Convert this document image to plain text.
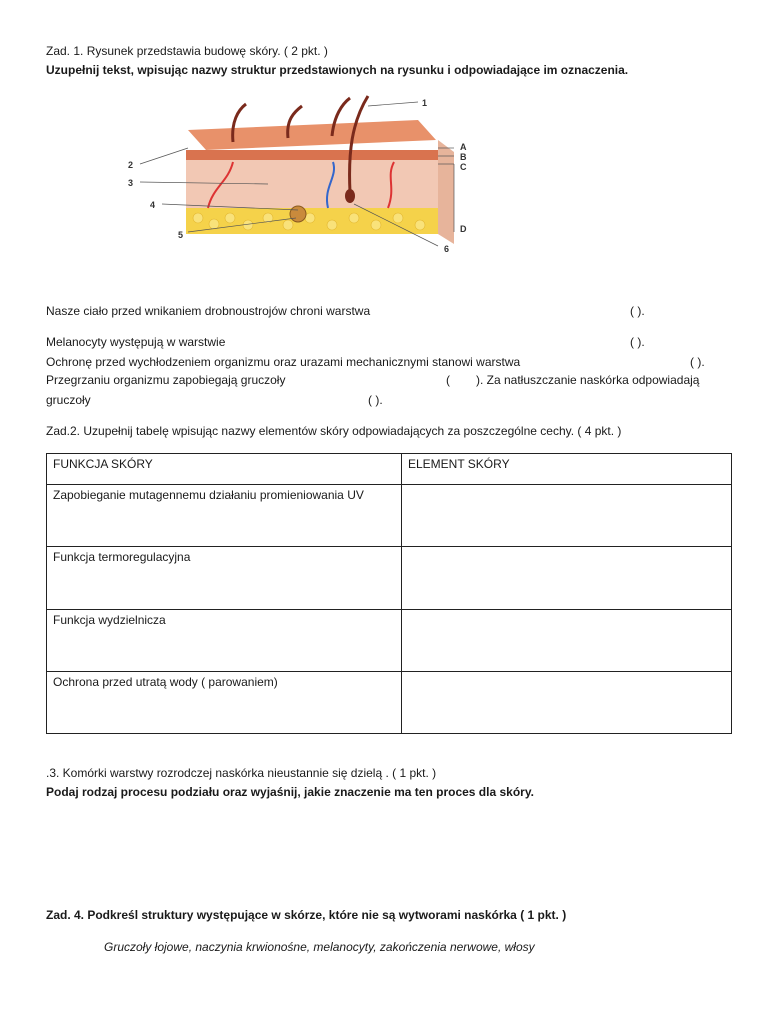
Zad. 1. Rysunek przedstawia budowę skóry. ( 2 pkt. )
Uzupełnij tekst, wpisując nazwy struktur przedstawionych na rysunku i odpowiadające im oznaczenia.
1
2
3
4
5
6
A
B
C
D
Nasze ciało przed wnikaniem drobnoustrojów chroni warstwa	( ).
Melanocyty występują w warstwie	( ).
Ochronę przed wychłodzeniem organizmu oraz urazami mechanicznymi stanowi warstwa	( ).
Przegrzaniu organizmu zapobiegają gruczoły	( ). Za natłuszczanie naskórka odpowiadają
gruczoły	( ).
Zad.2. Uzupełnij tabelę wpisując nazwy elementów skóry odpowiadających za poszczególne cechy. ( 4 pkt. )
FUNKCJA SKÓRY	ELEMENT SKÓRY
Zapobieganie mutagennemu działaniu promieniowania UV	
Funkcja termoregulacyjna	
Funkcja wydzielnicza	
Ochrona przed utratą wody ( parowaniem)	
.3. Komórki warstwy rozrodczej naskórka nieustannie się dzielą . ( 1 pkt. )
Podaj rodzaj procesu podziału oraz wyjaśnij, jakie znaczenie ma ten proces dla skóry.
Zad. 4. Podkreśl struktury występujące w skórze, które nie są wytworami naskórka ( 1 pkt. )
Gruczoły łojowe, naczynia krwionośne, melanocyty, zakończenia nerwowe, włosy
